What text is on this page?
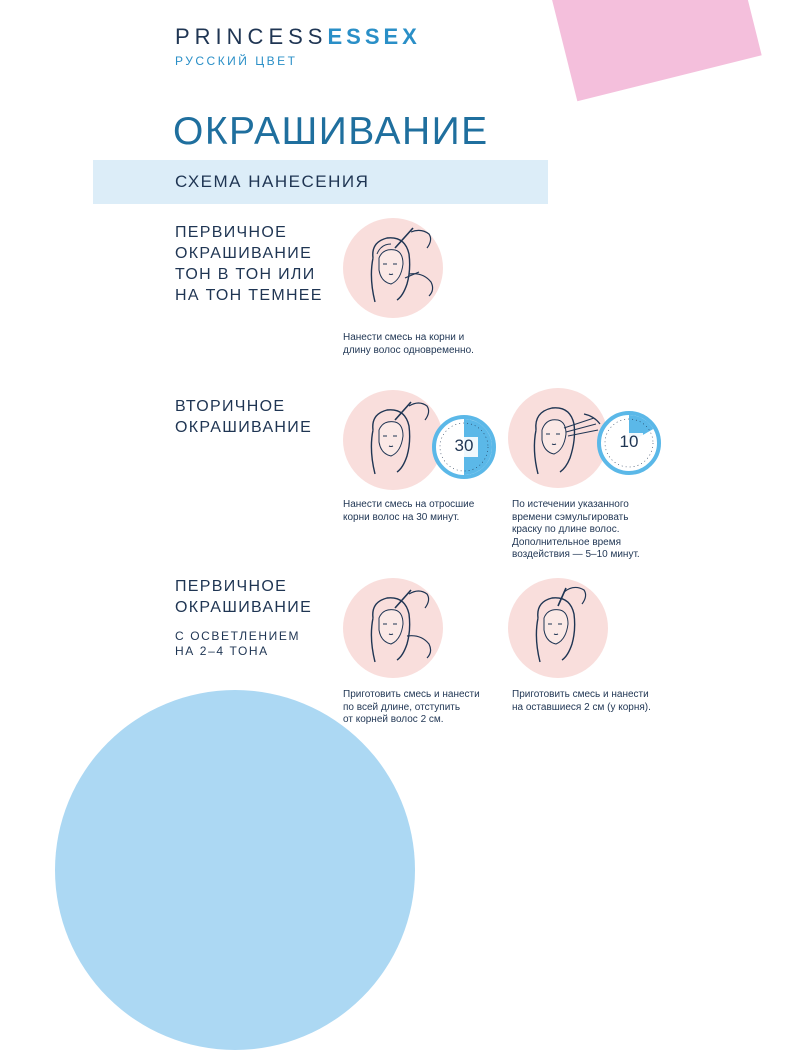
PRINCESSESSEX
РУССКИЙ ЦВЕТ
ОКРАШИВАНИЕ
СХЕМА НАНЕСЕНИЯ
ПЕРВИЧНОЕ
ОКРАШИВАНИЕ
ТОН В ТОН ИЛИ
НА ТОН ТЕМНЕЕ
Нанести смесь на корни и
длину волос одновременно.
ВТОРИЧНОЕ
ОКРАШИВАНИЕ
30
Нанести смесь на отросшие
корни волос на 30 минут.
10
По истечении указанного
времени сэмульгировать
краску по длине волос.
Дополнительное время
воздействия — 5–10 минут.
ПЕРВИЧНОЕ
ОКРАШИВАНИЕ
С ОСВЕТЛЕНИЕМ
НА 2–4 ТОНА
Приготовить смесь и нанести
по всей длине, отступить
от корней волос 2 см.
Приготовить смесь и нанести
на оставшиеся 2 см (у корня).
